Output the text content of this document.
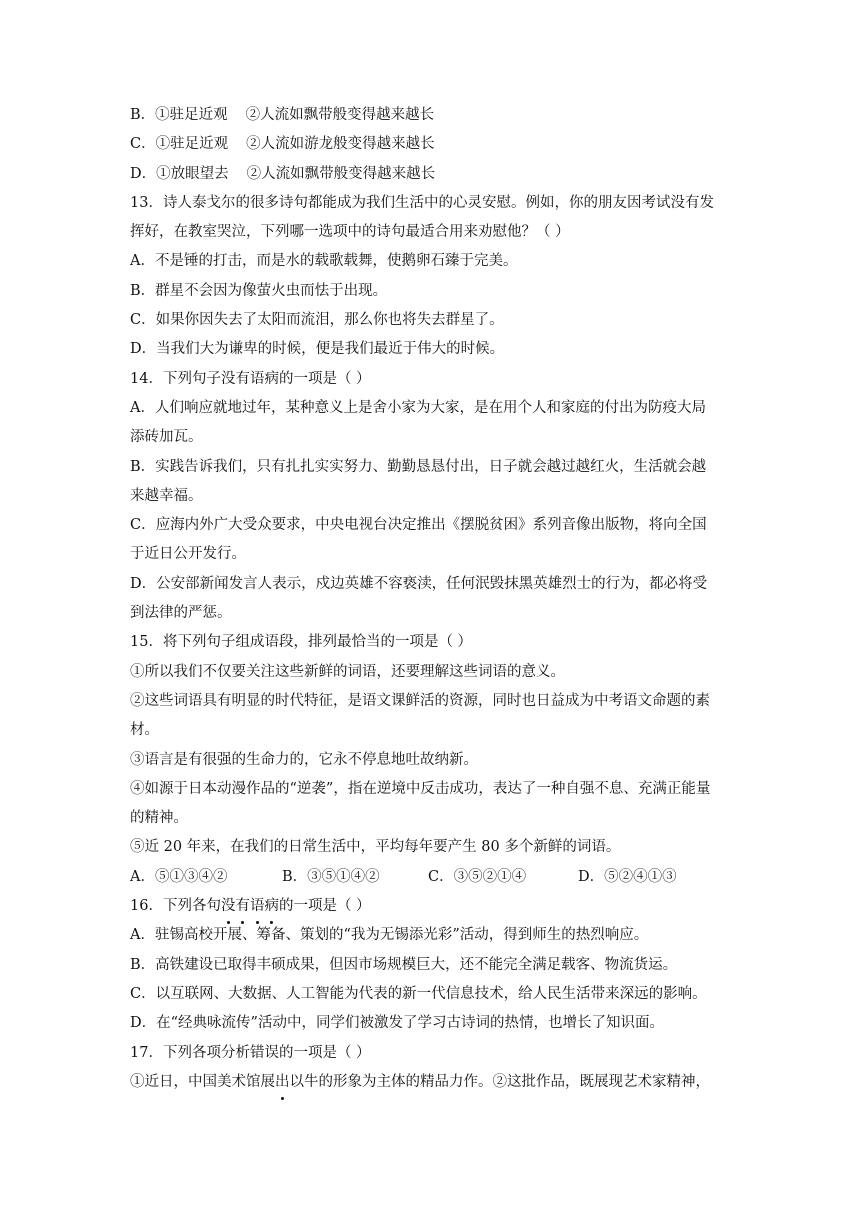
B．①驻足近观 ②人流如飘带般变得越来越长
C．①驻足近观 ②人流如游龙般变得越来越长
D．①放眼望去 ②人流如飘带般变得越来越长
13．诗人泰戈尔的很多诗句都能成为我们生活中的心灵安慰。例如，你的朋友因考试没有发
挥好，在教室哭泣，下列哪一选项中的诗句最适合用来劝慰他？（ ）
A．不是锤的打击，而是水的载歌载舞，使鹅卵石臻于完美。
B．群星不会因为像萤火虫而怯于出现。
C．如果你因失去了太阳而流泪，那么你也将失去群星了。
D．当我们大为谦卑的时候，便是我们最近于伟大的时候。
14．下列句子没有语病的一项是（ ）
A．人们响应就地过年，某种意义上是舍小家为大家，是在用个人和家庭的付出为防疫大局
添砖加瓦。
B．实践告诉我们，只有扎扎实实努力、勤勤恳恳付出，日子就会越过越红火，生活就会越
来越幸福。
C．应海内外广大受众要求，中央电视台决定推出《摆脱贫困》系列音像出版物，将向全国
于近日公开发行。
D．公安部新闻发言人表示，戍边英雄不容亵渎，任何泯毁抹黑英雄烈士的行为，都必将受
到法律的严惩。
15．将下列句子组成语段，排列最恰当的一项是（ ）
①所以我们不仅要关注这些新鲜的词语，还要理解这些词语的意义。
②这些词语具有明显的时代特征，是语文课鲜活的资源，同时也日益成为中考语文命题的素
材。
③语言是有很强的生命力的，它永不停息地吐故纳新。
④如源于日本动漫作品的“逆袭”，指在逆境中反击成功，表达了一种自强不息、充满正能量
的精神。
⑤近 20 年来，在我们的日常生活中，平均每年要产生 80 多个新鲜的词语。
A．⑤①③④②	B．③⑤①④②	C．③⑤②①④	D．⑤②④①③
16．下列各句没有语病的一项是（ ）
A．驻锡高校开展、筹备、策划的“我为无锡添光彩”活动，得到师生的热烈响应。
B．高铁建设已取得丰硕成果，但因市场规模巨大，还不能完全满足载客、物流货运。
C．以互联网、大数据、人工智能为代表的新一代信息技术，给人民生活带来深远的影响。
D．在“经典咏流传”活动中，同学们被激发了学习古诗词的热情，也增长了知识面。
17．下列各项分析错误的一项是（ ）
①近日，中国美术馆展出以牛的形象为主体的精品力作。②这批作品，既展现艺术家精神，
